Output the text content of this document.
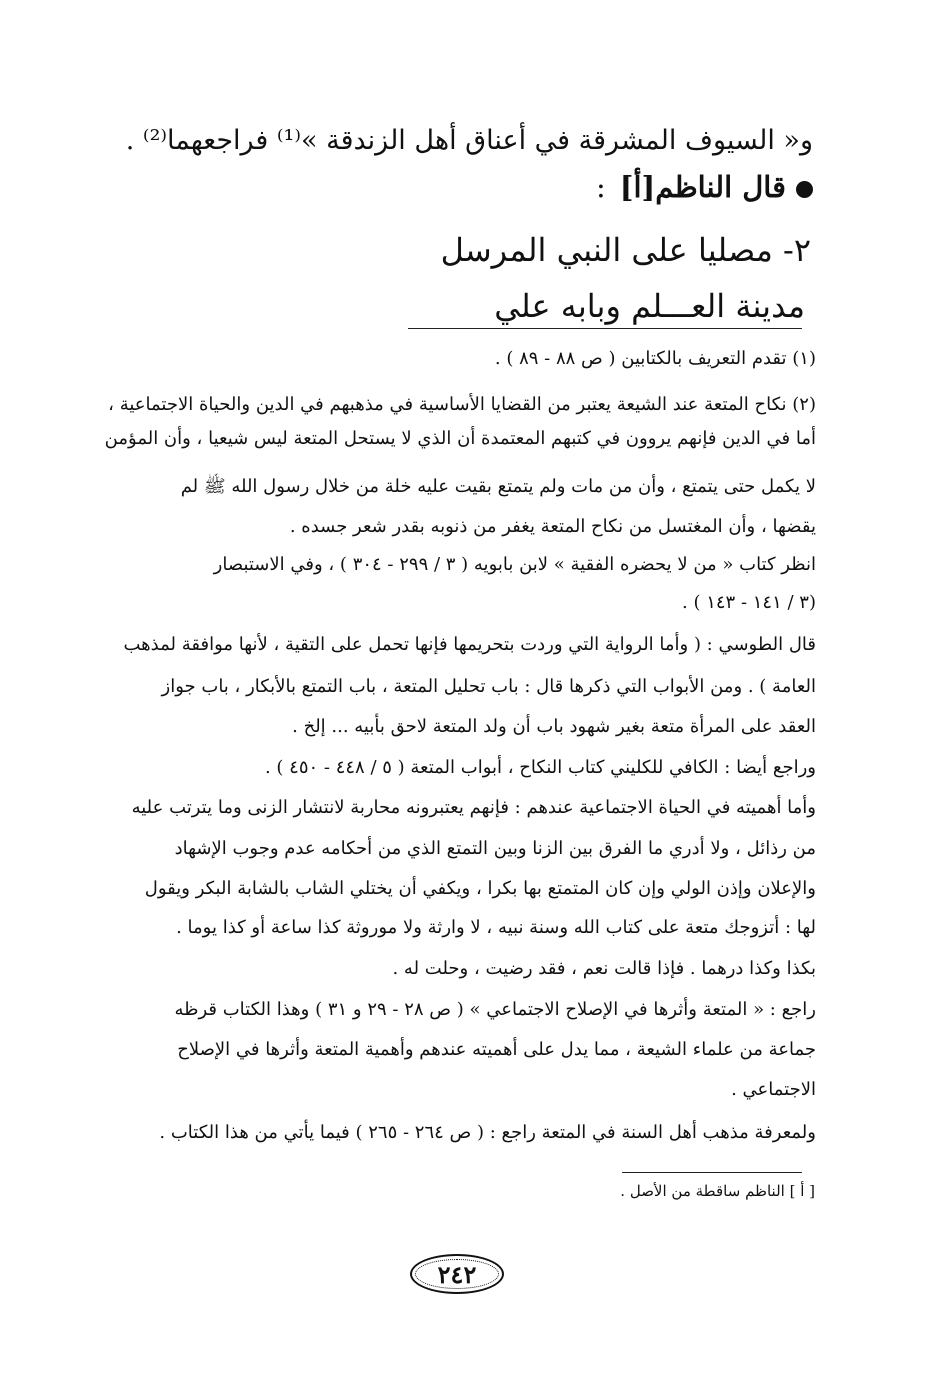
و« السيوف المشرقة في أعناق أهل الزندقة »⁽¹⁾ فراجعهما⁽²⁾ .
قال الناظم[أ]:
٢- مصليا على النبي المرسل
مدينة العـــلم وبابه علي
(١) تقدم التعريف بالكتابين ( ص ٨٨ - ٨٩ ) .
(٢) نكاح المتعة عند الشيعة يعتبر من القضايا الأساسية في مذهبهم في الدين والحياة الاجتماعية ،
أما في الدين فإنهم يروون في كتبهم المعتمدة أن الذي لا يستحل المتعة ليس شيعيا ، وأن المؤمن
لا يكمل حتى يتمتع ، وأن من مات ولم يتمتع بقيت عليه خلة من خلال رسول الله ﷺ لم
يقضها ، وأن المغتسل من نكاح المتعة يغفر من ذنوبه بقدر شعر جسده .
انظر كتاب « من لا يحضره الفقية » لابن بابويه ( ٣ / ٢٩٩ - ٣٠٤ ) ، وفي الاستبصار
(٣ / ١٤١ - ١٤٣ ) .
قال الطوسي : ( وأما الرواية التي وردت بتحريمها فإنها تحمل على التقية ، لأنها موافقة لمذهب
العامة ) . ومن الأبواب التي ذكرها قال : باب تحليل المتعة ، باب التمتع بالأبكار ، باب جواز
العقد على المرأة متعة بغير شهود باب أن ولد المتعة لاحق بأبيه ... إلخ .
وراجع أيضا : الكافي للكليني كتاب النكاح ، أبواب المتعة ( ٥ / ٤٤٨ - ٤٥٠ ) .
وأما أهميته في الحياة الاجتماعية عندهم : فإنهم يعتبرونه محاربة لانتشار الزنى وما يترتب عليه
من رذائل ، ولا أدري ما الفرق بين الزنا وبين التمتع الذي من أحكامه عدم وجوب الإشهاد
والإعلان وإذن الولي وإن كان المتمتع بها بكرا ، ويكفي أن يختلي الشاب بالشابة البكر ويقول
لها : أتزوجك متعة على كتاب الله وسنة نبيه ، لا وارثة ولا موروثة كذا ساعة أو كذا يوما .
بكذا وكذا درهما . فإذا قالت نعم ، فقد رضيت ، وحلت له .
راجع : « المتعة وأثرها في الإصلاح الاجتماعي » ( ص ٢٨ - ٢٩ و ٣١ ) وهذا الكتاب قرظه
جماعة من علماء الشيعة ، مما يدل على أهميته عندهم وأهمية المتعة وأثرها في الإصلاح
الاجتماعي .
ولمعرفة مذهب أهل السنة في المتعة راجع : ( ص ٢٦٤ - ٢٦٥ ) فيما يأتي من هذا الكتاب .
[ أ ] الناظم ساقطة من الأصل .
٢٤٢
